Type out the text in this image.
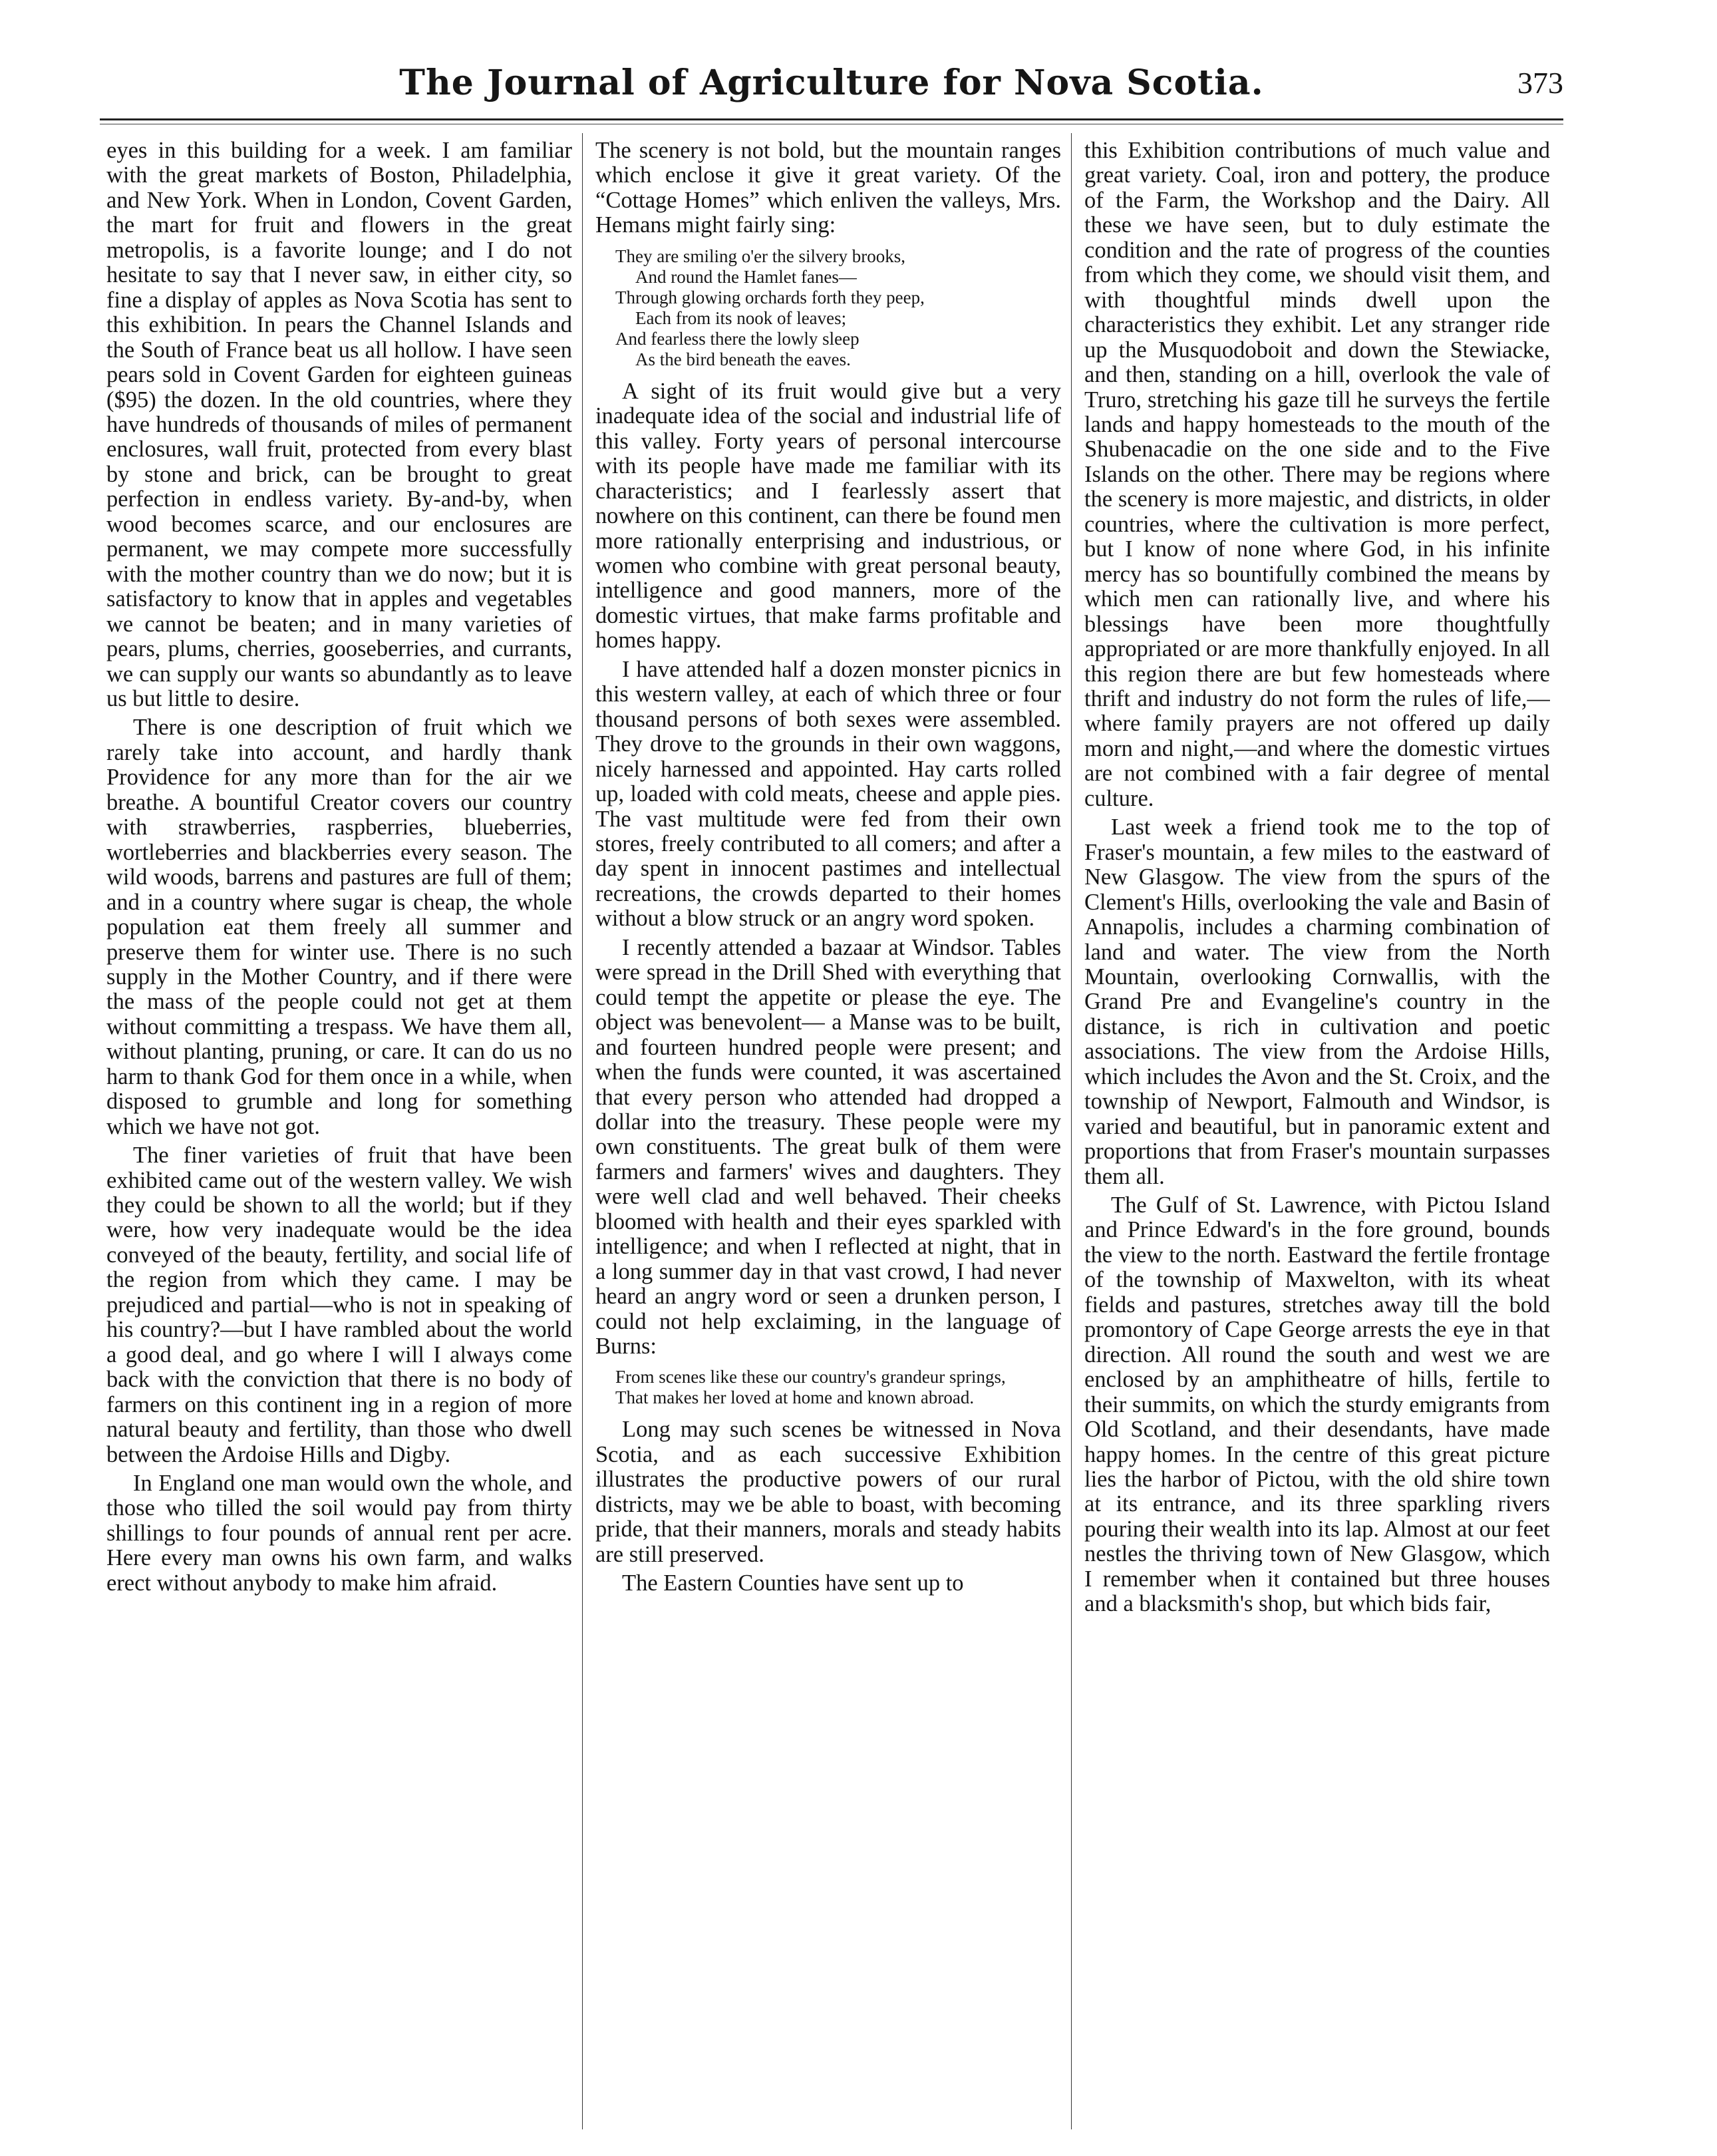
The Journal of Agriculture for Nova Scotia.	373

eyes in this building for a week. I am familiar with the great markets of Boston, Philadelphia, and New York. When in London, Covent Garden, the mart for fruit and flowers in the great metropolis, is a favorite lounge; and I do not hesitate to say that I never saw, in either city, so fine a display of apples as Nova Scotia has sent to this exhibition. In pears the Channel Islands and the South of France beat us all hollow. I have seen pears sold in Covent Garden for eighteen guineas ($95) the dozen. In the old countries, where they have hundreds of thousands of miles of permanent enclosures, wall fruit, protected from every blast by stone and brick, can be brought to great perfection in endless variety. By-and-by, when wood becomes scarce, and our enclosures are permanent, we may compete more successfully with the mother country than we do now; but it is satisfactory to know that in apples and vegetables we cannot be beaten; and in many varieties of pears, plums, cherries, gooseberries, and currants, we can supply our wants so abundantly as to leave us but little to desire.

There is one description of fruit which we rarely take into account, and hardly thank Providence for any more than for the air we breathe. A bountiful Creator covers our country with strawberries, raspberries, blueberries, wortleberries and blackberries every season. The wild woods, barrens and pastures are full of them; and in a country where sugar is cheap, the whole population eat them freely all summer and preserve them for winter use. There is no such supply in the Mother Country, and if there were the mass of the people could not get at them without committing a trespass. We have them all, without planting, pruning, or care. It can do us no harm to thank God for them once in a while, when disposed to grumble and long for something which we have not got.

The finer varieties of fruit that have been exhibited came out of the western valley. We wish they could be shown to all the world; but if they were, how very inadequate would be the idea conveyed of the beauty, fertility, and social life of the region from which they came. I may be prejudiced and partial—who is not in speaking of his country?—but I have rambled about the world a good deal, and go where I will I always come back with the conviction that there is no body of farmers on this continent ing in a region of more natural beauty and fertility, than those who dwell between the Ardoise Hills and Digby.

In England one man would own the whole, and those who tilled the soil would pay from thirty shillings to four pounds of annual rent per acre. Here every man owns his own farm, and walks erect without anybody to make him afraid.

The scenery is not bold, but the mountain ranges which enclose it give it great variety. Of the “Cottage Homes” which enliven the valleys, Mrs. Hemans might fairly sing:

They are smiling o'er the silvery brooks,
And round the Hamlet fanes—
Through glowing orchards forth they peep,
Each from its nook of leaves;
And fearless there the lowly sleep
As the bird beneath the eaves.

A sight of its fruit would give but a very inadequate idea of the social and industrial life of this valley. Forty years of personal intercourse with its people have made me familiar with its characteristics; and I fearlessly assert that nowhere on this continent, can there be found men more rationally enterprising and industrious, or women who combine with great personal beauty, intelligence and good manners, more of the domestic virtues, that make farms profitable and homes happy.

I have attended half a dozen monster picnics in this western valley, at each of which three or four thousand persons of both sexes were assembled. They drove to the grounds in their own waggons, nicely harnessed and appointed. Hay carts rolled up, loaded with cold meats, cheese and apple pies. The vast multitude were fed from their own stores, freely contributed to all comers; and after a day spent in innocent pastimes and intellectual recreations, the crowds departed to their homes without a blow struck or an angry word spoken.

I recently attended a bazaar at Windsor. Tables were spread in the Drill Shed with everything that could tempt the appetite or please the eye. The object was benevolent— a Manse was to be built, and fourteen hundred people were present; and when the funds were counted, it was ascertained that every person who attended had dropped a dollar into the treasury. These people were my own constituents. The great bulk of them were farmers and farmers' wives and daughters. They were well clad and well behaved. Their cheeks bloomed with health and their eyes sparkled with intelligence; and when I reflected at night, that in a long summer day in that vast crowd, I had never heard an angry word or seen a drunken person, I could not help exclaiming, in the language of Burns:

From scenes like these our country's grandeur springs,
That makes her loved at home and known abroad.

Long may such scenes be witnessed in Nova Scotia, and as each successive Exhibition illustrates the productive powers of our rural districts, may we be able to boast, with becoming pride, that their manners, morals and steady habits are still preserved.

The Eastern Counties have sent up to

this Exhibition contributions of much value and great variety. Coal, iron and pottery, the produce of the Farm, the Workshop and the Dairy. All these we have seen, but to duly estimate the condition and the rate of progress of the counties from which they come, we should visit them, and with thoughtful minds dwell upon the characteristics they exhibit. Let any stranger ride up the Musquodoboit and down the Stewiacke, and then, standing on a hill, overlook the vale of Truro, stretching his gaze till he surveys the fertile lands and happy homesteads to the mouth of the Shubenacadie on the one side and to the Five Islands on the other. There may be regions where the scenery is more majestic, and districts, in older countries, where the cultivation is more perfect, but I know of none where God, in his infinite mercy has so bountifully combined the means by which men can rationally live, and where his blessings have been more thoughtfully appropriated or are more thankfully enjoyed. In all this region there are but few homesteads where thrift and industry do not form the rules of life,—where family prayers are not offered up daily morn and night,—and where the domestic virtues are not combined with a fair degree of mental culture.

Last week a friend took me to the top of Fraser's mountain, a few miles to the eastward of New Glasgow. The view from the spurs of the Clement's Hills, overlooking the vale and Basin of Annapolis, includes a charming combination of land and water. The view from the North Mountain, overlooking Cornwallis, with the Grand Pre and Evangeline's country in the distance, is rich in cultivation and poetic associations. The view from the Ardoise Hills, which includes the Avon and the St. Croix, and the township of Newport, Falmouth and Windsor, is varied and beautiful, but in panoramic extent and proportions that from Fraser's mountain surpasses them all.

The Gulf of St. Lawrence, with Pictou Island and Prince Edward's in the fore ground, bounds the view to the north. Eastward the fertile frontage of the township of Maxwelton, with its wheat fields and pastures, stretches away till the bold promontory of Cape George arrests the eye in that direction. All round the south and west we are enclosed by an amphitheatre of hills, fertile to their summits, on which the sturdy emigrants from Old Scotland, and their desendants, have made happy homes. In the centre of this great picture lies the harbor of Pictou, with the old shire town at its entrance, and its three sparkling rivers pouring their wealth into its lap. Almost at our feet nestles the thriving town of New Glasgow, which I remember when it contained but three houses and a blacksmith's shop, but which bids fair,
